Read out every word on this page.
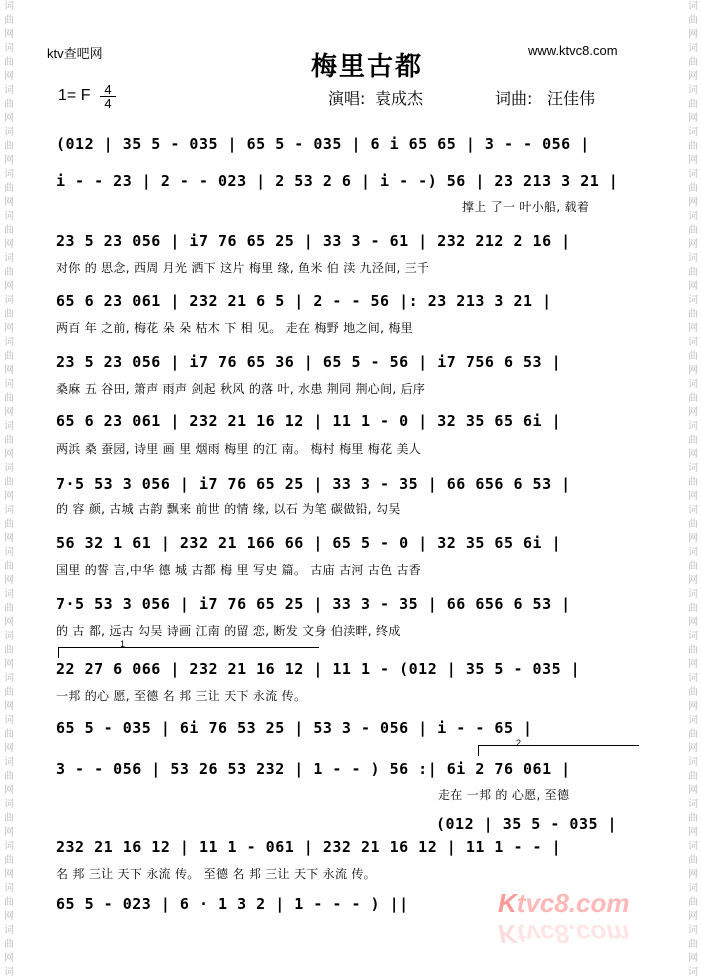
词
曲
网
词
曲
网
词
曲
网
词
曲
网
词
曲
网
词
曲
网
词
曲
网
词
曲
网
词
曲
网
词
曲
网
词
曲
网
词
曲
网
词
曲
网
词
曲
网
词
曲
网
词
曲
网
词
曲
网
词
曲
网
词
曲
网
词
曲
网
词
曲
网
词
曲
网
词
曲
网
词
词
曲
网
词
曲
网
词
曲
网
词
曲
网
词
曲
网
词
曲
网
词
曲
网
词
曲
网
词
曲
网
词
曲
网
词
曲
网
词
曲
网
词
曲
网
词
曲
网
词
曲
网
词
曲
网
词
曲
网
词
曲
网
词
曲
网
词
曲
网
词
曲
网
词
曲
网
词
曲
网
词
ktv查吧网	www.ktvc8.com
梅里古都
1= F	4
4	演唱: 袁成杰	词曲: 汪佳伟
(012 | 35 5 - 035 | 65 5 - 035 | 6 i 65 65 | 3 - - 056 |
i - - 23 | 2 - - 023 | 2 53 2 6 | i - -) 56 | 23 213 3 21 |
撑上 了一 叶小船, 载着
23 5 23 056 | i7 76 65 25 | 33 3 - 61 | 232 212 2 16 |
对你 的 思念, 西周 月光 洒下 这片 梅里 缘, 鱼米 伯 渎 九泾间, 三千
65 6 23 061 | 232 21 6 5 | 2 - - 56 |: 23 213 3 21 |
两百 年 之前, 梅花 朵 朵 枯木 下 相 见。 走在 梅野 地之间, 梅里
23 5 23 056 | i7 76 65 36 | 65 5 - 56 | i7 756 6 53 |
桑麻 五 谷田, 箫声 雨声 剑起 秋风 的落 叶, 水患 荆同 荆心间, 后序
65 6 23 061 | 232 21 16 12 | 11 1 - 0 | 32 35 65 6i |
两浜 桑 蚕园, 诗里 画 里 烟雨 梅里 的江 南。 梅村 梅里 梅花 美人
7·5 53 3 056 | i7 76 65 25 | 33 3 - 35 | 66 656 6 53 |
的 容 颜, 古城 古韵 飘来 前世 的情 缘, 以石 为笔 碳做铅, 勾吴
56 32 1 61 | 232 21 166 66 | 65 5 - 0 | 32 35 65 6i |
国里 的誓 言,中华 德 城 古都 梅 里 写史 篇。 古庙 古河 古色 古香
7·5 53 3 056 | i7 76 65 25 | 33 3 - 35 | 66 656 6 53 |
的 古 都, 远古 勾吴 诗画 江南 的留 恋, 断发 文身 伯渎畔, 终成
1
22 27 6 066 | 232 21 16 12 | 11 1 - (012 | 35 5 - 035 |
一邦 的心 愿, 至德 名 邦 三让 天下 永流 传。
65 5 - 035 | 6i 76 53 25 | 53 3 - 056 | i - - 65 |
2
3 - - 056 | 53 26 53 232 | 1 - - ) 56 :| 6i 2 76 061 |
走在 一邦 的 心愿, 至德
(012 | 35 5 - 035 |
232 21 16 12 | 11 1 - 061 | 232 21 16 12 | 11 1 - - |
名 邦 三让 天下 永流 传。 至德 名 邦 三让 天下 永流 传。
65 5 - 023 | 6 · 1 3 2 | 1 - - - ) ||	Ktvc8.com
Ktvc8.com
